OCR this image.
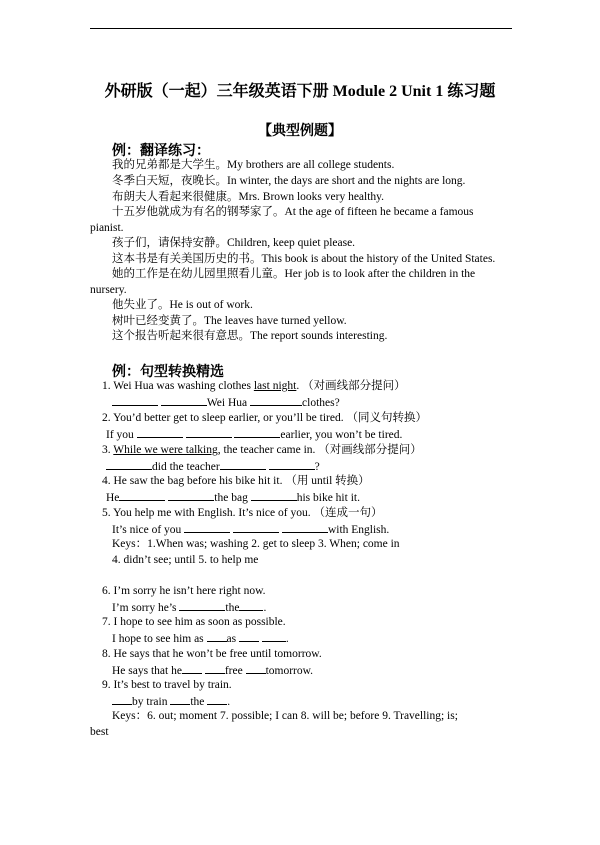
外研版（一起）三年级英语下册 Module 2 Unit 1 练习题
【典型例题】
例：翻译练习：
我的兄弟都是大学生。My brothers are all college students.
冬季白天短，夜晚长。In winter, the days are short and the nights are long.
布朗夫人看起来很健康。Mrs. Brown looks very healthy.
十五岁他就成为有名的钢琴家了。At the age of fifteen he became a famous
pianist.
孩子们，请保持安静。Children, keep quiet please.
这本书是有关美国历史的书。This book is about the history of the United States.
她的工作是在幼儿园里照看儿童。Her job is to look after the children in the
nursery.
他失业了。He is out of work.
树叶已经变黄了。The leaves have turned yellow.
这个报告听起来很有意思。The report sounds interesting.
例：句型转换精选
1. Wei Hua was washing clothes last night. （对画线部分提问）
Wei Hua	clothes?
2. You’d better get to sleep earlier, or you’ll be tired. （同义句转换）
If you	earlier, you won’t be tired.
3. While we were talking, the teacher came in. （对画线部分提问）
did the teacher	?
4. He saw the bag before his bike hit it. （用 until 转换）
He	the bag	his bike hit it.
5. You help me with English. It’s nice of you. （连成一句）
It’s nice of you	with English.
Keys：1.When was; washing 2. get to sleep 3. When; come in
4. didn’t see; until 5. to help me
6. I’m sorry he isn’t here right now.
I’m sorry he’s	the .
7. I hope to see him as soon as possible.
I hope to see him as as	.
8. He says that he won’t be free until tomorrow.
He says that he	free tomorrow.
9. It’s best to travel by train.
by train the .
Keys：6. out; moment 7. possible; I can 8. will be; before 9. Travelling; is;
best
